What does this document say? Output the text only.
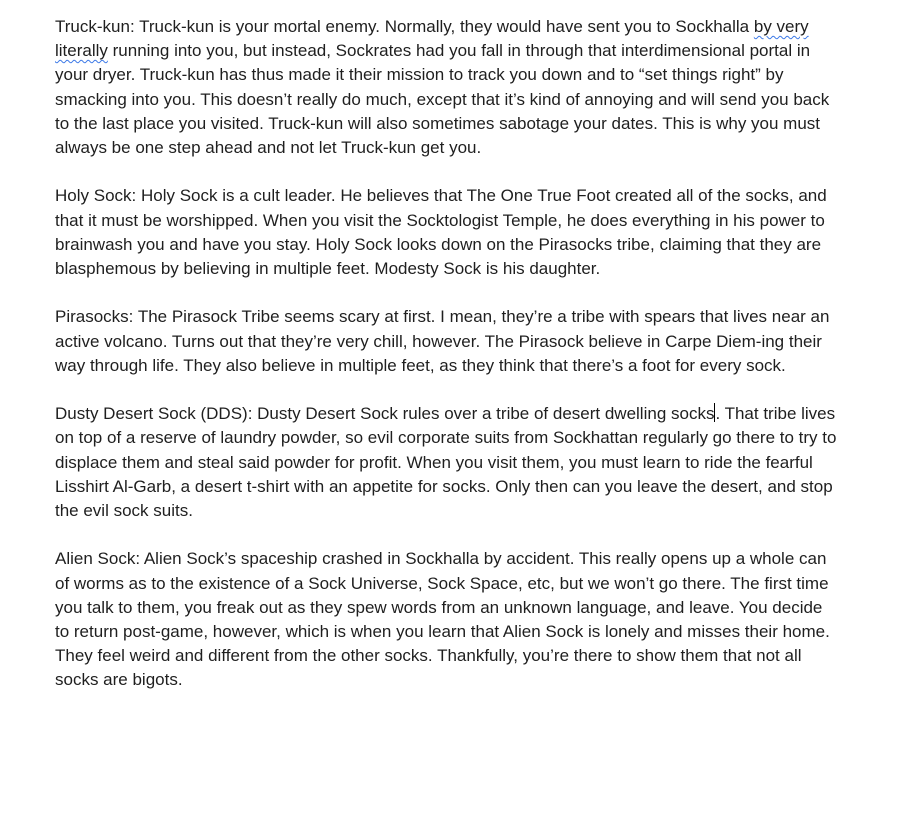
Truck-kun: Truck-kun is your mortal enemy. Normally, they would have sent you to Sockhalla by very literally running into you, but instead, Sockrates had you fall in through that interdimensional portal in your dryer. Truck-kun has thus made it their mission to track you down and to “set things right” by smacking into you. This doesn’t really do much, except that it’s kind of annoying and will send you back to the last place you visited. Truck-kun will also sometimes sabotage your dates. This is why you must always be one step ahead and not let Truck-kun get you.

Holy Sock: Holy Sock is a cult leader. He believes that The One True Foot created all of the socks, and that it must be worshipped. When you visit the Socktologist Temple, he does everything in his power to brainwash you and have you stay. Holy Sock looks down on the Pirasocks tribe, claiming that they are blasphemous by believing in multiple feet. Modesty Sock is his daughter.

Pirasocks: The Pirasock Tribe seems scary at first. I mean, they’re a tribe with spears that lives near an active volcano. Turns out that they’re very chill, however. The Pirasock believe in Carpe Diem-ing their way through life. They also believe in multiple feet, as they think that there’s a foot for every sock.

Dusty Desert Sock (DDS): Dusty Desert Sock rules over a tribe of desert dwelling socks. That tribe lives on top of a reserve of laundry powder, so evil corporate suits from Sockhattan regularly go there to try to displace them and steal said powder for profit. When you visit them, you must learn to ride the fearful Lisshirt Al-Garb, a desert t-shirt with an appetite for socks. Only then can you leave the desert, and stop the evil sock suits.

Alien Sock: Alien Sock’s spaceship crashed in Sockhalla by accident. This really opens up a whole can of worms as to the existence of a Sock Universe, Sock Space, etc, but we won’t go there. The first time you talk to them, you freak out as they spew words from an unknown language, and leave. You decide to return post-game, however, which is when you learn that Alien Sock is lonely and misses their home. They feel weird and different from the other socks. Thankfully, you’re there to show them that not all socks are bigots.
